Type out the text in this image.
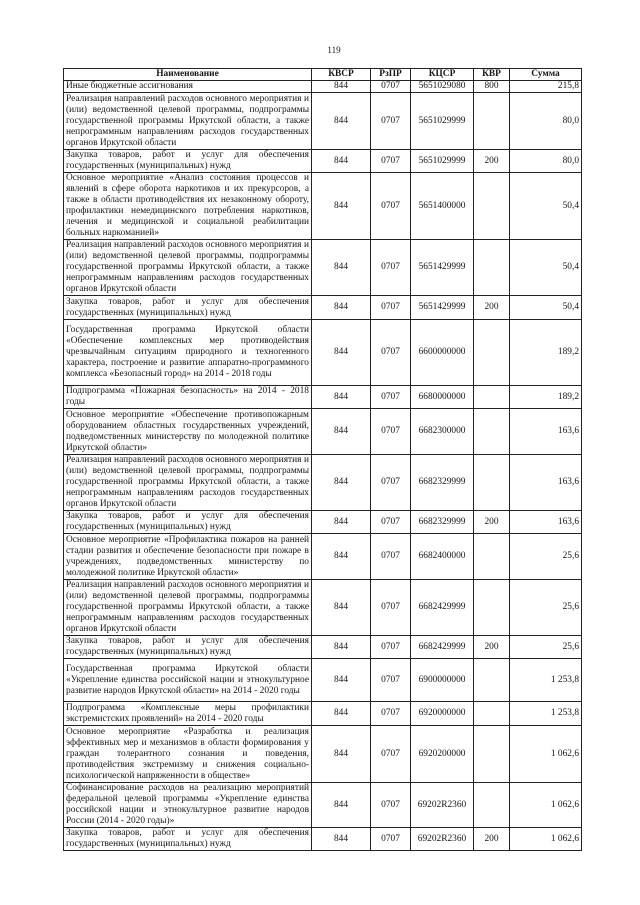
119
Наименование	КВСР	РзПР	КЦСР	КВР	Сумма
Иные бюджетные ассигнования	844	0707	5651029080	800	215,8
Реализация направлений расходов основного мероприятия и (или) ведомственной целевой программы, подпрограммы государственной программы Иркутской области, а также непрограммным направлениям расходов государственных органов Иркутской области	844	0707	5651029999		80,0
Закупка товаров, работ и услуг для обеспечения государственных (муниципальных) нужд	844	0707	5651029999	200	80,0
Основное мероприятие «Анализ состояния процессов и явлений в сфере оборота наркотиков и их прекурсоров, а также в области противодействия их незаконному обороту, профилактики немедицинского потребления наркотиков, лечения и медицинской и социальной реабилитации больных наркоманией»	844	0707	5651400000		50,4
Реализация направлений расходов основного мероприятия и (или) ведомственной целевой программы, подпрограммы государственной программы Иркутской области, а также непрограммным направлениям расходов государственных органов Иркутской области	844	0707	5651429999		50,4
Закупка товаров, работ и услуг для обеспечения государственных (муниципальных) нужд	844	0707	5651429999	200	50,4
Государственная программа Иркутской области «Обеспечение комплексных мер противодействия чрезвычайным ситуациям природного и техногенного характера, построение и развитие аппаратно-программного комплекса «Безопасный город» на 2014 - 2018 годы	844	0707	6600000000		189,2
Подпрограмма «Пожарная безопасность» на 2014 - 2018 годы	844	0707	6680000000		189,2
Основное мероприятие «Обеспечение противопожарным оборудованием областных государственных учреждений, подведомственных министерству по молодежной политике Иркутской области»	844	0707	6682300000		163,6
Реализация направлений расходов основного мероприятия и (или) ведомственной целевой программы, подпрограммы государственной программы Иркутской области, а также непрограммным направлениям расходов государственных органов Иркутской области	844	0707	6682329999		163,6
Закупка товаров, работ и услуг для обеспечения государственных (муниципальных) нужд	844	0707	6682329999	200	163,6
Основное мероприятие «Профилактика пожаров на ранней стадии развития и обеспечение безопасности при пожаре в учреждениях, подведомственных министерству по молодежной политике Иркутской области»	844	0707	6682400000		25,6
Реализация направлений расходов основного мероприятия и (или) ведомственной целевой программы, подпрограммы государственной программы Иркутской области, а также непрограммным направлениям расходов государственных органов Иркутской области	844	0707	6682429999		25,6
Закупка товаров, работ и услуг для обеспечения государственных (муниципальных) нужд	844	0707	6682429999	200	25,6
Государственная программа Иркутской области «Укрепление единства российской нации и этнокультурное развитие народов Иркутской области» на 2014 - 2020 годы	844	0707	6900000000		1 253,8
Подпрограмма «Комплексные меры профилактики экстремистских проявлений» на 2014 - 2020 годы	844	0707	6920000000		1 253,8
Основное мероприятие «Разработка и реализация эффективных мер и механизмов в области формирования у граждан толерантного сознания и поведения, противодействия экстремизму и снижения социально-психологической напряженности в обществе»	844	0707	6920200000		1 062,6
Софинансирование расходов на реализацию мероприятий федеральной целевой программы «Укрепление единства российской нации и этнокультурное развитие народов России (2014 - 2020 годы)»	844	0707	69202R2360		1 062,6
Закупка товаров, работ и услуг для обеспечения государственных (муниципальных) нужд	844	0707	69202R2360	200	1 062,6
